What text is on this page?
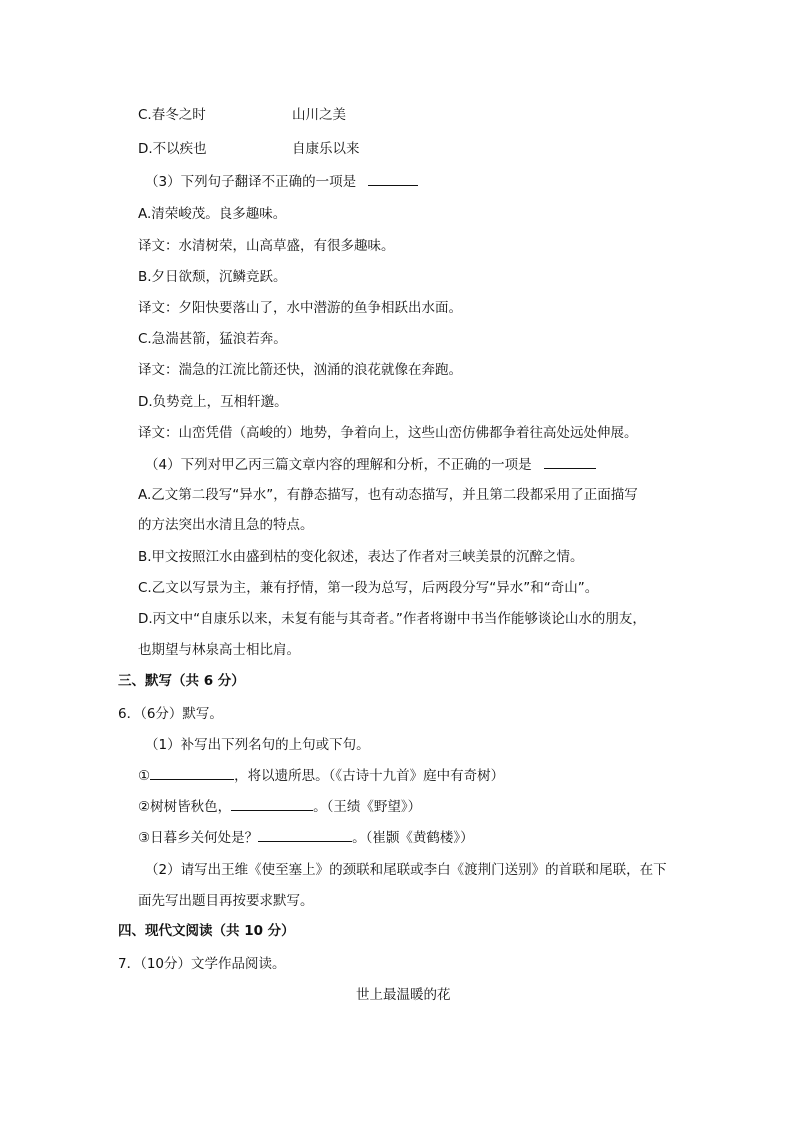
C.春冬之时	山川之美
D.不以疾也	自康乐以来
（3）下列句子翻译不正确的一项是
A.清荣峻茂。良多趣味。
译文：水清树荣，山高草盛，有很多趣味。
B.夕日欲颓，沉鳞竞跃。
译文：夕阳快要落山了，水中潜游的鱼争相跃出水面。
C.急湍甚箭，猛浪若奔。
译文：湍急的江流比箭还快，汹涌的浪花就像在奔跑。
D.负势竞上，互相轩邈。
译文：山峦凭借（高峻的）地势，争着向上，这些山峦仿佛都争着往高处远处伸展。
（4）下列对甲乙丙三篇文章内容的理解和分析，不正确的一项是
A.乙文第二段写“异水”，有静态描写，也有动态描写，并且第二段都采用了正面描写
的方法突出水清且急的特点。
B.甲文按照江水由盛到枯的变化叙述，表达了作者对三峡美景的沉醉之情。
C.乙文以写景为主，兼有抒情，第一段为总写，后两段分写“异水”和“奇山”。
D.丙文中“自康乐以来，未复有能与其奇者。”作者将谢中书当作能够谈论山水的朋友，
也期望与林泉高士相比肩。
三、默写（共 6 分）
6．（6分）默写。
（1）补写出下列名句的上句或下句。
①	，将以遗所思。（《古诗十九首》庭中有奇树）
②树树皆秋色，	。（王绩《野望》）
③日暮乡关何处是？	。（崔颢《黄鹤楼》）
（2）请写出王维《使至塞上》的颈联和尾联或李白《渡荆门送别》的首联和尾联，在下
面先写出题目再按要求默写。
四、现代文阅读（共 10 分）
7．（10分）文学作品阅读。
世上最温暖的花
